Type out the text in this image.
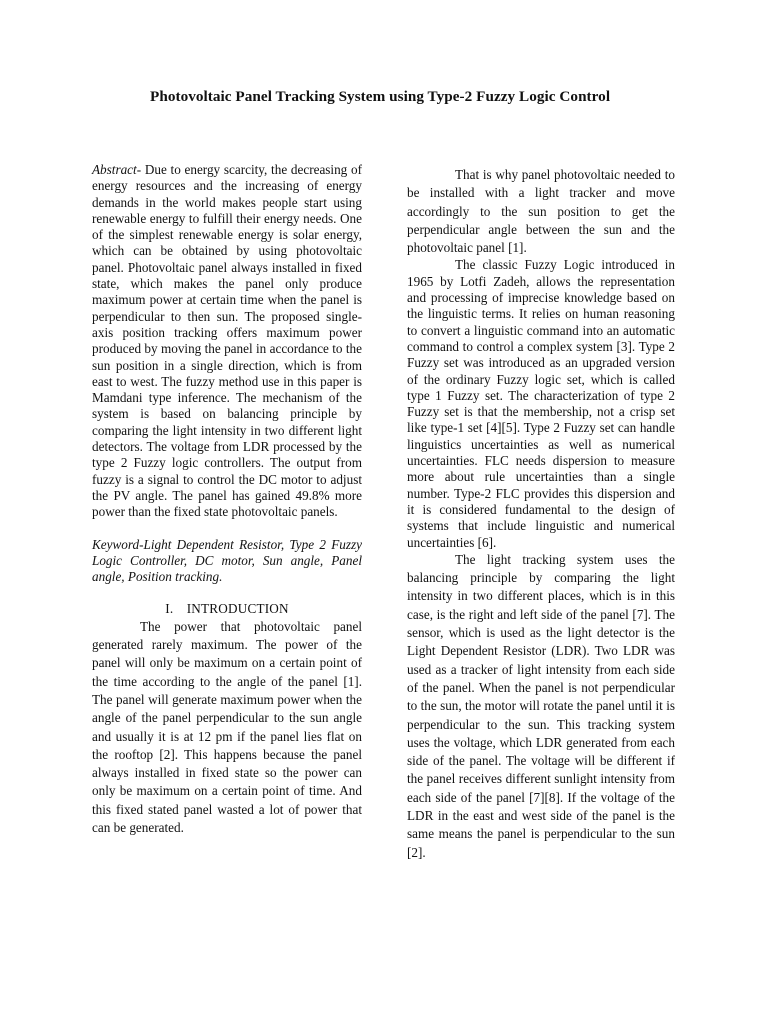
Photovoltaic Panel Tracking System using Type-2 Fuzzy Logic Control

Abstract- Due to energy scarcity, the decreasing of energy resources and the increasing of energy demands in the world makes people start using renewable energy to fulfill their energy needs. One of the simplest renewable energy is solar energy, which can be obtained by using photovoltaic panel. Photovoltaic panel always installed in fixed state, which makes the panel only produce maximum power at certain time when the panel is perpendicular to then sun. The proposed single-axis position tracking offers maximum power produced by moving the panel in accordance to the sun position in a single direction, which is from east to west. The fuzzy method use in this paper is Mamdani type inference. The mechanism of the system is based on balancing principle by comparing the light intensity in two different light detectors. The voltage from LDR processed by the type 2 Fuzzy logic controllers. The output from fuzzy is a signal to control the DC motor to adjust the PV angle. The panel has gained 49.8% more power than the fixed state photovoltaic panels.

Keyword-Light Dependent Resistor, Type 2 Fuzzy Logic Controller, DC motor, Sun angle, Panel angle, Position tracking.

I. INTRODUCTION

The power that photovoltaic panel generated rarely maximum. The power of the panel will only be maximum on a certain point of the time according to the angle of the panel [1]. The panel will generate maximum power when the angle of the panel perpendicular to the sun angle and usually it is at 12 pm if the panel lies flat on the rooftop [2]. This happens because the panel always installed in fixed state so the power can only be maximum on a certain point of time. And this fixed stated panel wasted a lot of power that can be generated.

That is why panel photovoltaic needed to be installed with a light tracker and move accordingly to the sun position to get the perpendicular angle between the sun and the photovoltaic panel [1].

The classic Fuzzy Logic introduced in 1965 by Lotfi Zadeh, allows the representation and processing of imprecise knowledge based on the linguistic terms. It relies on human reasoning to convert a linguistic command into an automatic command to control a complex system [3]. Type 2 Fuzzy set was introduced as an upgraded version of the ordinary Fuzzy logic set, which is called type 1 Fuzzy set. The characterization of type 2 Fuzzy set is that the membership, not a crisp set like type-1 set [4][5]. Type 2 Fuzzy set can handle linguistics uncertainties as well as numerical uncertainties. FLC needs dispersion to measure more about rule uncertainties than a single number. Type-2 FLC provides this dispersion and it is considered fundamental to the design of systems that include linguistic and numerical uncertainties [6].

The light tracking system uses the balancing principle by comparing the light intensity in two different places, which is in this case, is the right and left side of the panel [7]. The sensor, which is used as the light detector is the Light Dependent Resistor (LDR). Two LDR was used as a tracker of light intensity from each side of the panel. When the panel is not perpendicular to the sun, the motor will rotate the panel until it is perpendicular to the sun. This tracking system uses the voltage, which LDR generated from each side of the panel. The voltage will be different if the panel receives different sunlight intensity from each side of the panel [7][8]. If the voltage of the LDR in the east and west side of the panel is the same means the panel is perpendicular to the sun [2].
